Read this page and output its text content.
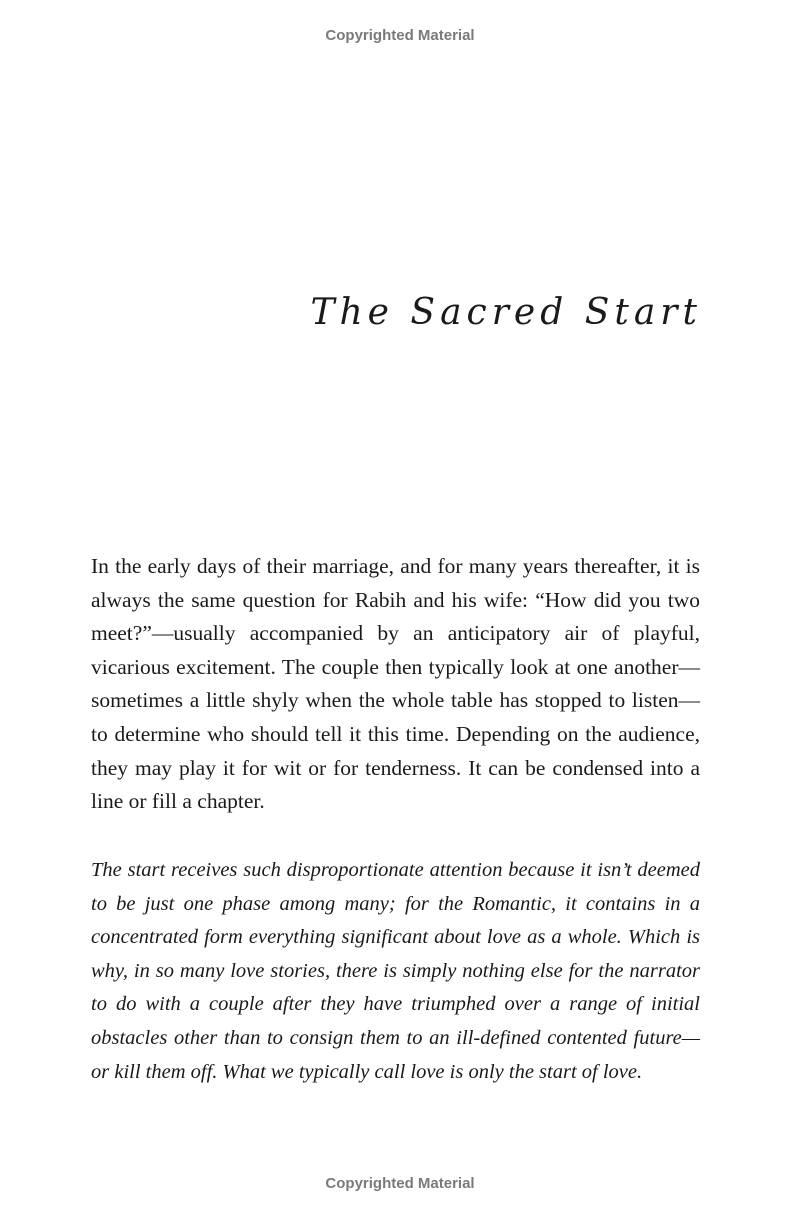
Copyrighted Material
The Sacred Start

In the early days of their marriage, and for many years thereafter, it is always the same question for Rabih and his wife: “How did you two meet?”—usually accompanied by an anticipatory air of playful, vicarious excitement. The couple then typically look at one another—sometimes a little shyly when the whole table has stopped to listen—to determine who should tell it this time. Depending on the audience, they may play it for wit or for tenderness. It can be condensed into a line or fill a chapter.

The start receives such disproportionate attention because it isn’t deemed to be just one phase among many; for the Romantic, it contains in a concentrated form everything significant about love as a whole. Which is why, in so many love stories, there is simply nothing else for the narrator to do with a couple after they have triumphed over a range of initial obstacles other than to consign them to an ill-defined contented future—or kill them off. What we typically call love is only the start of love.

Copyrighted Material
